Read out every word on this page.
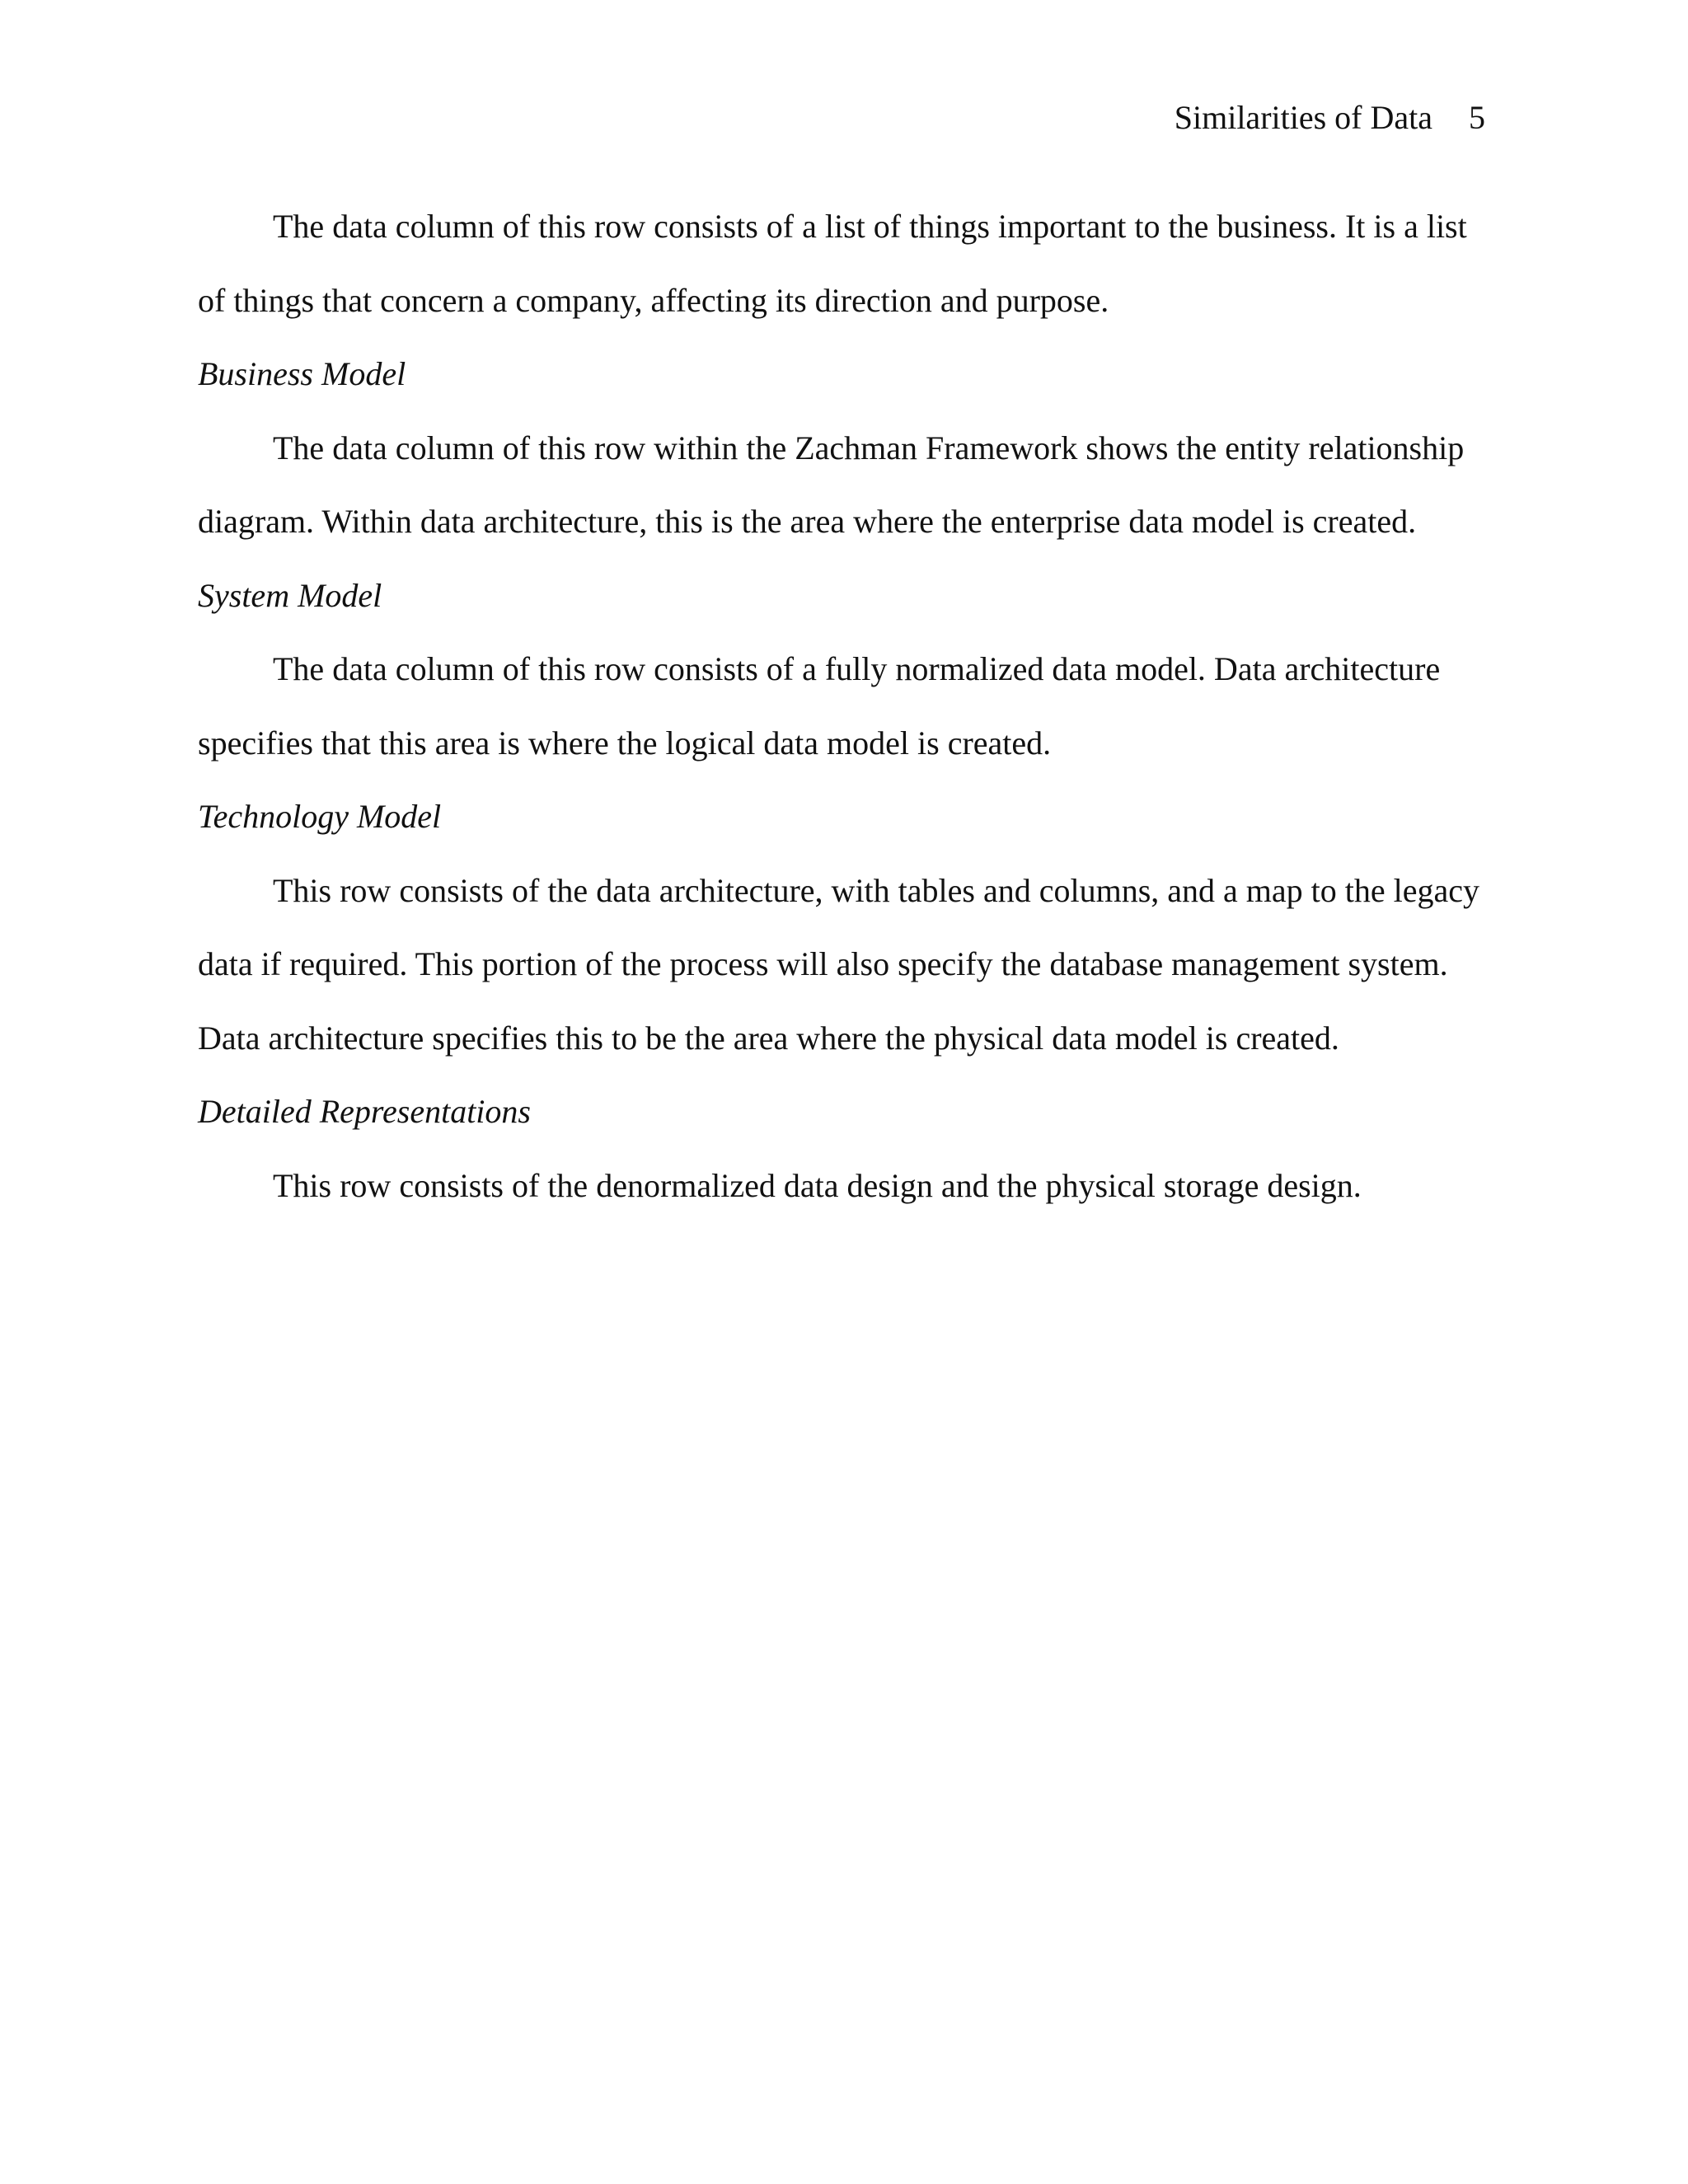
Similarities of Data 5

The data column of this row consists of a list of things important to the business. It is a list of things that concern a company, affecting its direction and purpose.

Business Model

The data column of this row within the Zachman Framework shows the entity relationship diagram. Within data architecture, this is the area where the enterprise data model is created.

System Model

The data column of this row consists of a fully normalized data model. Data architecture specifies that this area is where the logical data model is created.

Technology Model

This row consists of the data architecture, with tables and columns, and a map to the legacy data if required. This portion of the process will also specify the database management system. Data architecture specifies this to be the area where the physical data model is created.

Detailed Representations

This row consists of the denormalized data design and the physical storage design.
